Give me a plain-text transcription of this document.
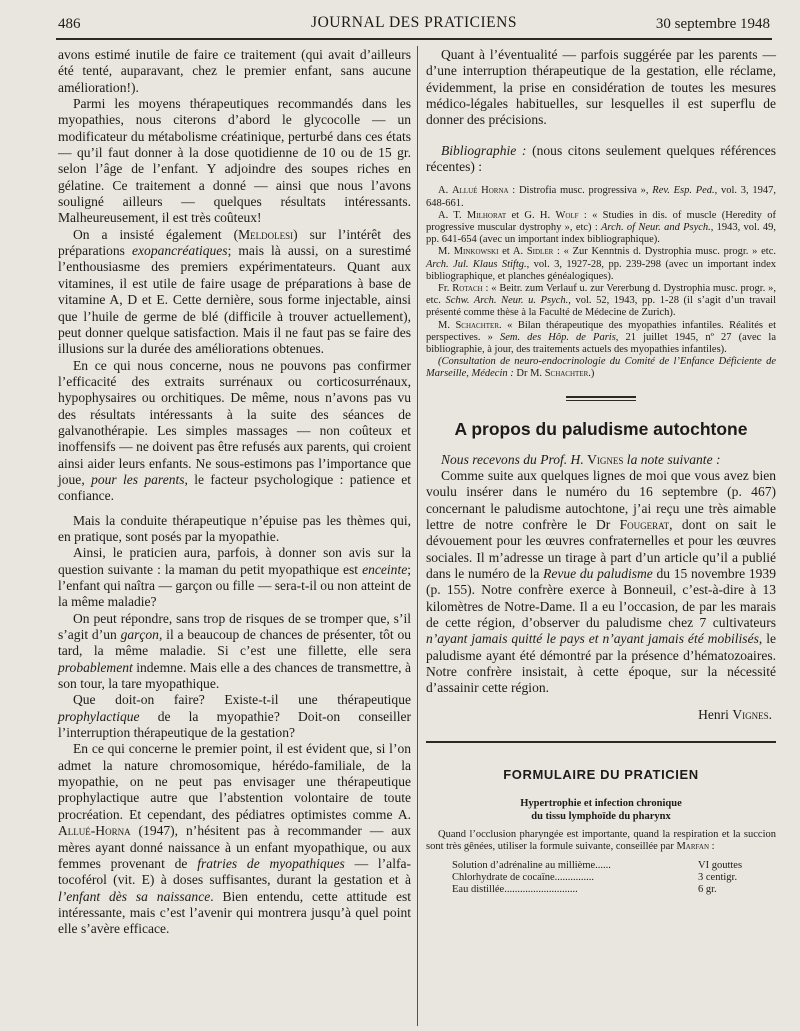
486	JOURNAL DES PRATICIENS	30 septembre 1948

avons estimé inutile de faire ce traitement (qui avait d’ailleurs été tenté, auparavant, chez le premier enfant, sans aucune amélioration!).

Parmi les moyens thérapeutiques recommandés dans les myopathies, nous citerons d’abord le glycocolle — un modificateur du métabolisme créatinique, perturbé dans ces états — qu’il faut donner à la dose quotidienne de 10 ou de 15 gr. selon l’âge de l’enfant. Y adjoindre des soupes riches en gélatine. Ce traitement a donné — ainsi que nous l’avons souligné ailleurs — quelques résultats intéressants. Malheureusement, il est très coûteux!

On a insisté également (Meldolesi) sur l’intérêt des préparations exopancréatiques; mais là aussi, on a surestimé l’enthousiasme des premiers expérimentateurs. Quant aux vitamines, il est utile de faire usage de préparations à base de vitamine A, D et E. Cette dernière, sous forme injectable, ainsi que l’huile de germe de blé (difficile à trouver actuellement), peut donner quelque satisfaction. Mais il ne faut pas se faire des illusions sur la durée des améliorations obtenues.

En ce qui nous concerne, nous ne pouvons pas confirmer l’efficacité des extraits surrénaux ou corticosurrénaux, hypophysaires ou orchitiques. De même, nous n’avons pas vu des résultats intéressants à la suite des séances de galvanothérapie. Les simples massages — non coûteux et inoffensifs — ne doivent pas être refusés aux parents, qui croient ainsi aider leurs enfants. Ne sous-estimons pas l’importance que joue, pour les parents, le facteur psychologique : patience et confiance.

Mais la conduite thérapeutique n’épuise pas les thèmes qui, en pratique, sont posés par la myopathie.

Ainsi, le praticien aura, parfois, à donner son avis sur la question suivante : la maman du petit myopathique est enceinte; l’enfant qui naîtra — garçon ou fille — sera-t-il ou non atteint de la même maladie?

On peut répondre, sans trop de risques de se tromper que, s’il s’agit d’un garçon, il a beaucoup de chances de présenter, tôt ou tard, la même maladie. Si c’est une fillette, elle sera probablement indemne. Mais elle a des chances de transmettre, à son tour, la tare myopathique.

Que doit-on faire? Existe-t-il une thérapeutique prophylactique de la myopathie? Doit-on conseiller l’interruption thérapeutique de la gestation?

En ce qui concerne le premier point, il est évident que, si l’on admet la nature chromosomique, hérédo-familiale, de la myopathie, on ne peut pas envisager une thérapeutique prophylactique autre que l’abstention volontaire de toute procréation. Et cependant, des pédiatres optimistes comme A. Allué-Horna (1947), n’hésitent pas à recommander — aux mères ayant donné naissance à un enfant myopathique, ou aux femmes provenant de fratries de myopathiques — l’alfa-tocoférol (vit. E) à doses suffisantes, durant la gestation et à l’enfant dès sa naissance. Bien entendu, cette attitude est intéressante, mais c’est l’avenir qui montrera jusqu’à quel point elle s’avère efficace.

Quant à l’éventualité — parfois suggérée par les parents — d’une interruption thérapeutique de la gestation, elle réclame, évidemment, la prise en considération de toutes les mesures médico-légales habituelles, sur lesquelles il est superflu de donner des précisions.

Bibliographie : (nous citons seulement quelques références récentes) :

A. Allué Horna : Distrofia musc. progressiva », Rev. Esp. Ped., vol. 3, 1947, 648-661.

A. T. Milhorat et G. H. Wolf : « Studies in dis. of muscle (Heredity of progressive muscular dystrophy », etc) : Arch. of Neur. and Psych., 1943, vol. 49, pp. 641-654 (avec un important index bibliographique).

M. Minkowski et A. Sidler : « Zur Kenntnis d. Dystrophia musc. progr. » etc. Arch. Jul. Klaus Stiftg., vol. 3, 1927-28, pp. 239-298 (avec un important index bibliographique, et planches généalogiques).

Fr. Rotach : « Beitr. zum Verlauf u. zur Vererbung d. Dystrophia musc. progr. », etc. Schw. Arch. Neur. u. Psych., vol. 52, 1943, pp. 1-28 (il s’agit d’un travail présenté comme thèse à la Faculté de Médecine de Zurich).

M. Schachter. « Bilan thérapeutique des myopathies infantiles. Réalités et perspectives. » Sem. des Hôp. de Paris, 21 juillet 1945, nº 27 (avec la bibliographie, à jour, des traitements actuels des myopathies infantiles).

(Consultation de neuro-endocrinologie du Comité de l’Enfance Déficiente de Marseille, Médecin : Dr M. Schachter.)

A propos du paludisme autochtone

Nous recevons du Prof. H. Vignes la note suivante :

Comme suite aux quelques lignes de moi que vous avez bien voulu insérer dans le numéro du 16 septembre (p. 467) concernant le paludisme autochtone, j’ai reçu une très aimable lettre de notre confrère le Dr Fougerat, dont on sait le dévouement pour les œuvres confraternelles et pour les œuvres sociales. Il m’adresse un tirage à part d’un article qu’il a publié dans le numéro de la Revue du paludisme du 15 novembre 1939 (p. 155). Notre confrère exerce à Bonneuil, c’est-à-dire à 13 kilomètres de Notre-Dame. Il a eu l’occasion, de par les marais de cette région, d’observer du paludisme chez 7 cultivateurs n’ayant jamais quitté le pays et n’ayant jamais été mobilisés, le paludisme ayant été démontré par la présence d’hématozoaires. Notre confrère insistait, à cette époque, sur la nécessité d’assainir cette région.

Henri Vignes.

FORMULAIRE DU PRATICIEN
Hypertrophie et infection chronique
du tissu lymphoïde du pharynx

Quand l’occlusion pharyngée est importante, quand la respiration et la succion sont très gênées, utiliser la formule suivante, conseillée par Marfan :

Solution d’adrénaline au millième......	VI gouttes
Chlorhydrate de cocaïne...............	3 centigr.
Eau distillée............................	6 gr.
